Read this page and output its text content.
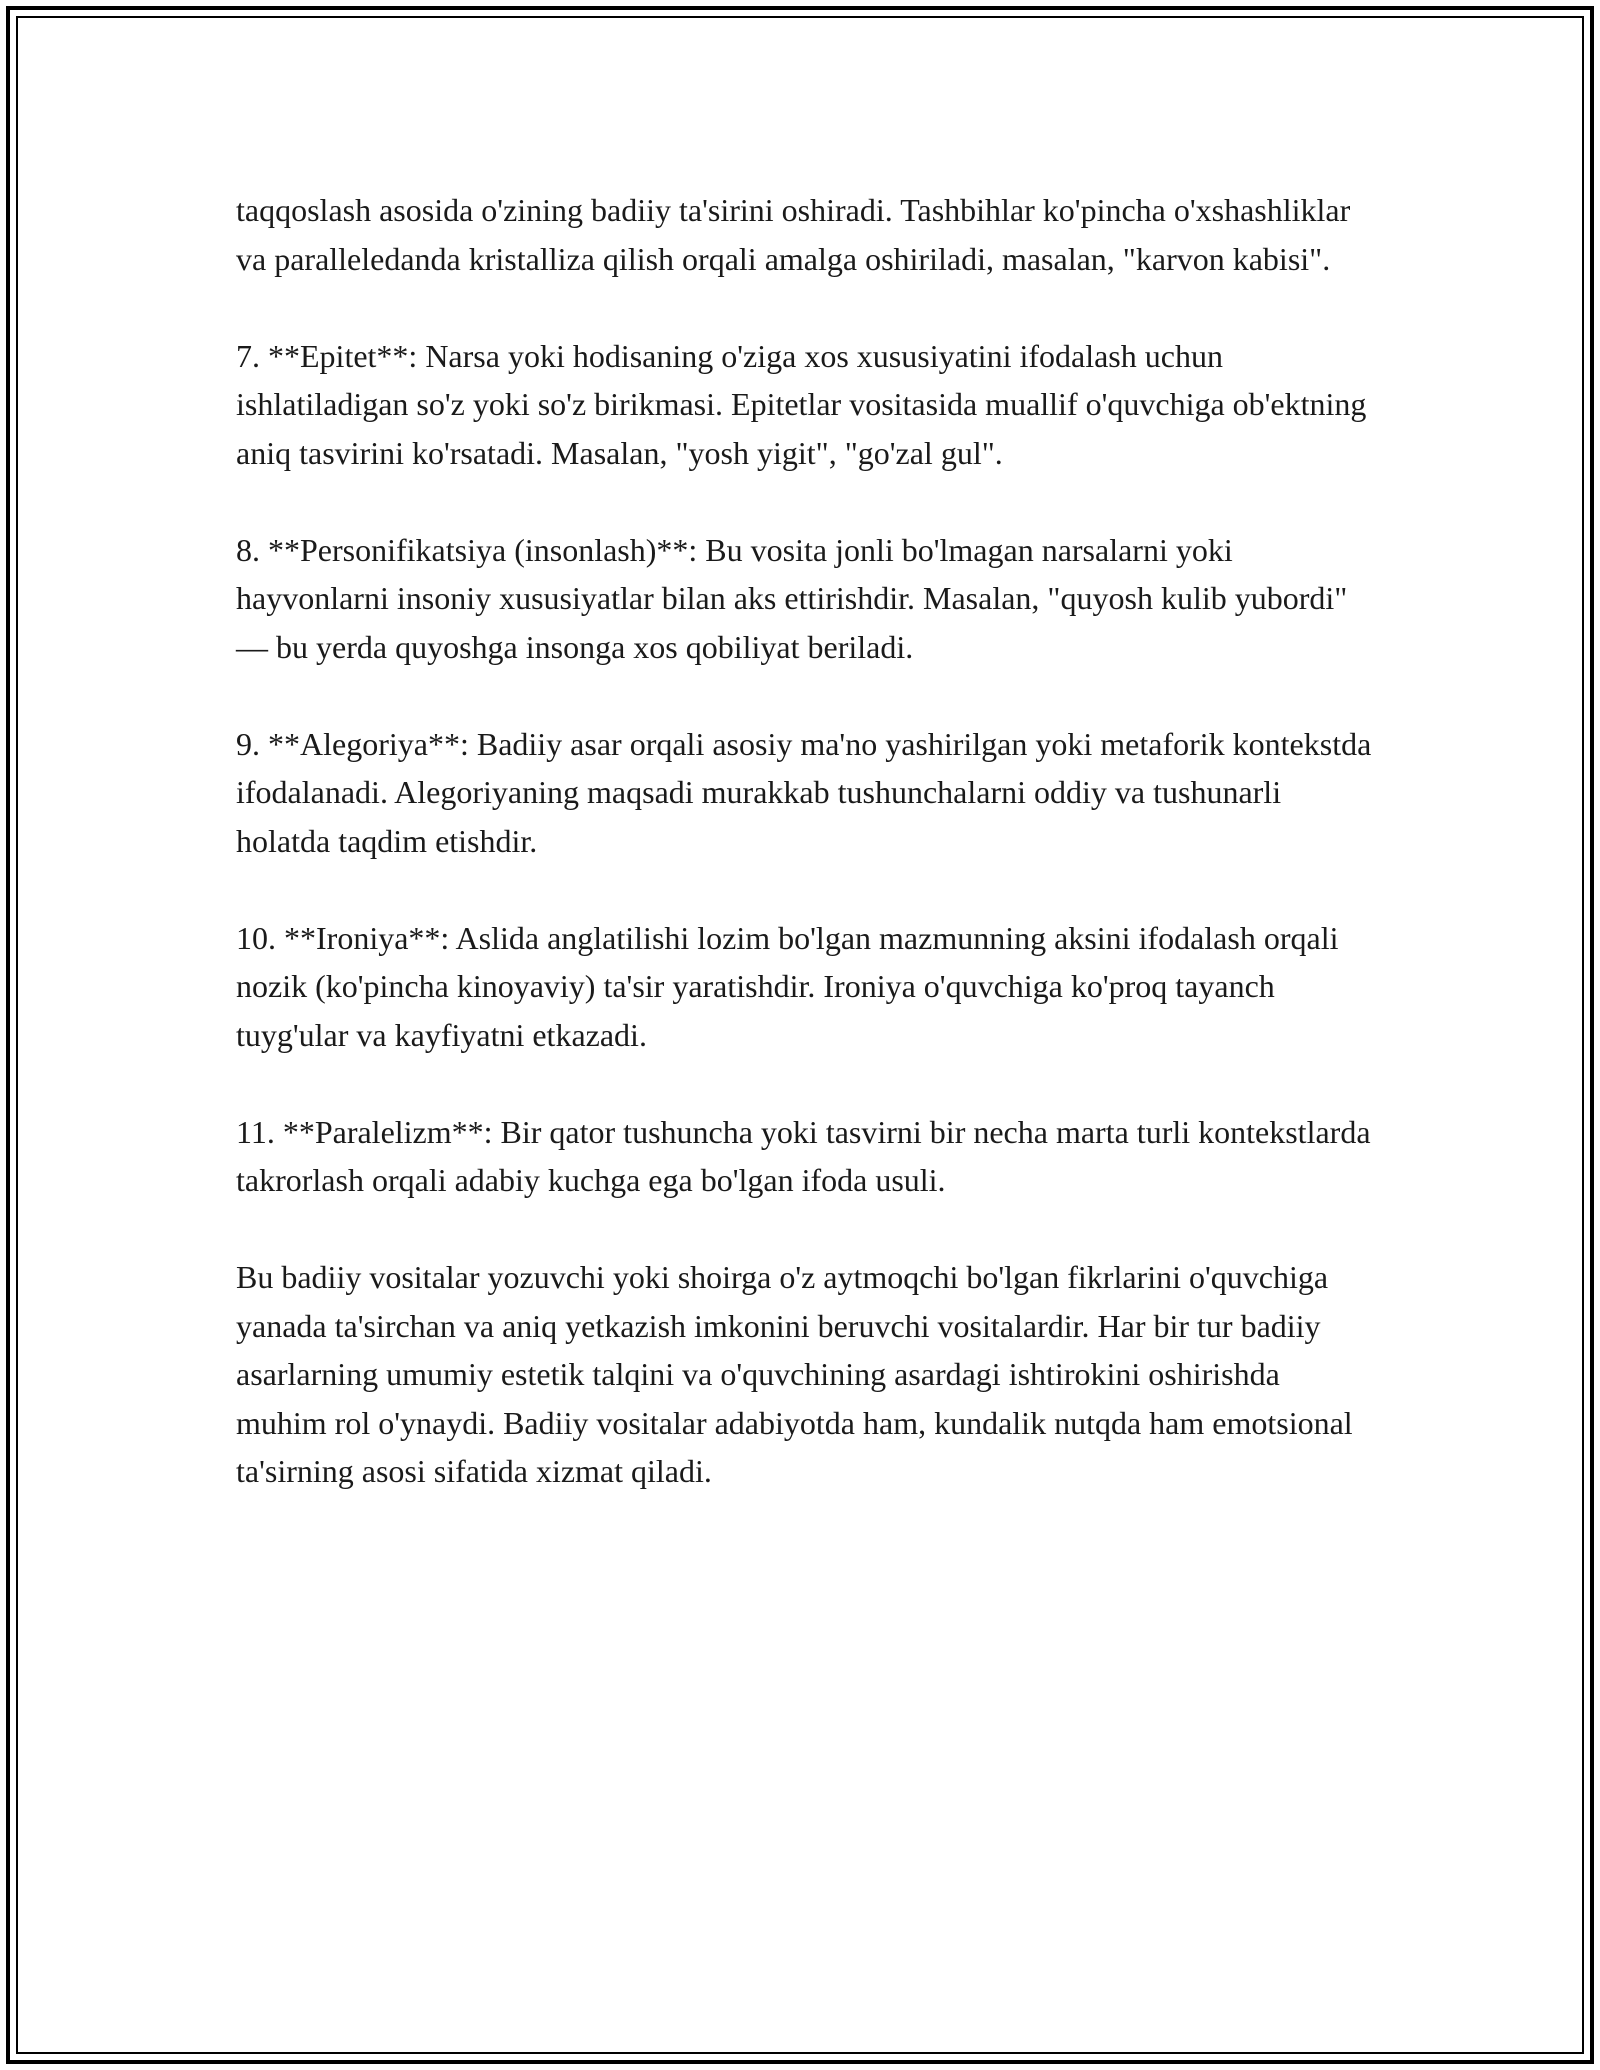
taqqoslash asosida o'zining badiiy ta'sirini oshiradi. Tashbihlar ko'pincha o'xshashliklar va paralleledanda kristalliza qilish orqali amalga oshiriladi, masalan, "karvon kabisi".

7. **Epitet**: Narsa yoki hodisaning o'ziga xos xususiyatini ifodalash uchun ishlatiladigan so'z yoki so'z birikmasi. Epitetlar vositasida muallif o'quvchiga ob'ektning aniq tasvirini ko'rsatadi. Masalan, "yosh yigit", "go'zal gul".

8. **Personifikatsiya (insonlash)**: Bu vosita jonli bo'lmagan narsalarni yoki hayvonlarni insoniy xususiyatlar bilan aks ettirishdir. Masalan, "quyosh kulib yubordi" — bu yerda quyoshga insonga xos qobiliyat beriladi.

9. **Alegoriya**: Badiiy asar orqali asosiy ma'no yashirilgan yoki metaforik kontekstda ifodalanadi. Alegoriyaning maqsadi murakkab tushunchalarni oddiy va tushunarli holatda taqdim etishdir.

10. **Ironiya**: Aslida anglatilishi lozim bo'lgan mazmunning aksini ifodalash orqali nozik (ko'pincha kinoyaviy) ta'sir yaratishdir. Ironiya o'quvchiga ko'proq tayanch tuyg'ular va kayfiyatni etkazadi.

11. **Paralelizm**: Bir qator tushuncha yoki tasvirni bir necha marta turli kontekstlarda takrorlash orqali adabiy kuchga ega bo'lgan ifoda usuli.

Bu badiiy vositalar yozuvchi yoki shoirga o'z aytmoqchi bo'lgan fikrlarini o'quvchiga yanada ta'sirchan va aniq yetkazish imkonini beruvchi vositalardir. Har bir tur badiiy asarlarning umumiy estetik talqini va o'quvchining asardagi ishtirokini oshirishda muhim rol o'ynaydi. Badiiy vositalar adabiyotda ham, kundalik nutqda ham emotsional ta'sirning asosi sifatida xizmat qiladi.
